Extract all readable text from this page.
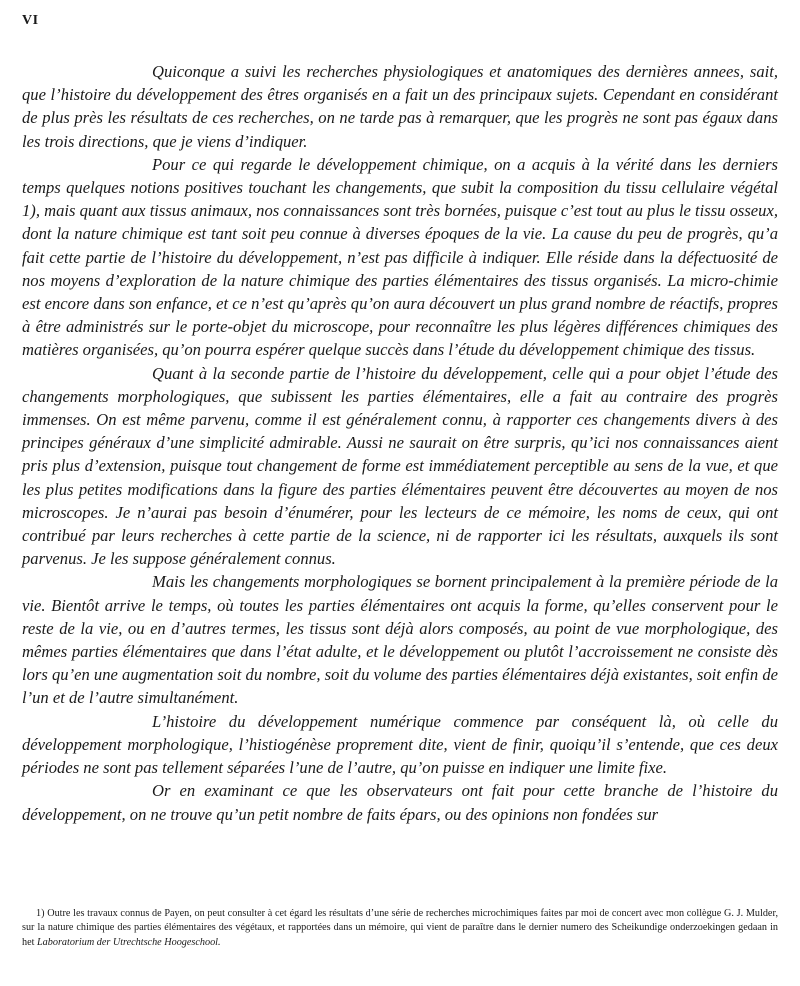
VI

Quiconque a suivi les recherches physiologiques et anatomiques des dernières annees, sait, que l’histoire du développement des êtres organisés en a fait un des principaux sujets. Cependant en considérant de plus près les résultats de ces recherches, on ne tarde pas à remarquer, que les progrès ne sont pas égaux dans les trois directions, que je viens d’indiquer.

Pour ce qui regarde le développement chimique, on a acquis à la vérité dans les derniers temps quelques notions positives touchant les changements, que subit la composition du tissu cellulaire végétal 1), mais quant aux tissus animaux, nos connaissances sont très bornées, puisque c’est tout au plus le tissu osseux, dont la nature chimique est tant soit peu connue à diverses époques de la vie. La cause du peu de progrès, qu’a fait cette partie de l’histoire du développement, n’est pas difficile à indiquer. Elle réside dans la défectuosité de nos moyens d’exploration de la nature chimique des parties élémentaires des tissus organisés. La micro-chimie est encore dans son enfance, et ce n’est qu’après qu’on aura découvert un plus grand nombre de réactifs, propres à être administrés sur le porte-objet du microscope, pour reconnaître les plus légères différences chimiques des matières organisées, qu’on pourra espérer quelque succès dans l’étude du développement chimique des tissus.

Quant à la seconde partie de l’histoire du développement, celle qui a pour objet l’étude des changements morphologiques, que subissent les parties élémentaires, elle a fait au contraire des progrès immenses. On est même parvenu, comme il est généralement connu, à rapporter ces changements divers à des principes généraux d’une simplicité admirable. Aussi ne saurait on être surpris, qu’ici nos connaissances aient pris plus d’extension, puisque tout changement de forme est immédiatement perceptible au sens de la vue, et que les plus petites modifications dans la figure des parties élémentaires peuvent être découvertes au moyen de nos microscopes. Je n’aurai pas besoin d’énumérer, pour les lecteurs de ce mémoire, les noms de ceux, qui ont contribué par leurs recherches à cette partie de la science, ni de rapporter ici les résultats, auxquels ils sont parvenus. Je les suppose généralement connus.

Mais les changements morphologiques se bornent principalement à la première période de la vie. Bientôt arrive le temps, où toutes les parties élémentaires ont acquis la forme, qu’elles conservent pour le reste de la vie, ou en d’autres termes, les tissus sont déjà alors composés, au point de vue morphologique, des mêmes parties élémentaires que dans l’état adulte, et le développement ou plutôt l’accroissement ne consiste dès lors qu’en une augmentation soit du nombre, soit du volume des parties élémentaires déjà existantes, soit enfin de l’un et de l’autre simultanément.

L’histoire du développement numérique commence par conséquent là, où celle du développement morphologique, l’histiogénèse proprement dite, vient de finir, quoiqu’il s’entende, que ces deux périodes ne sont pas tellement séparées l’une de l’autre, qu’on puisse en indiquer une limite fixe.

Or en examinant ce que les observateurs ont fait pour cette branche de l’histoire du développement, on ne trouve qu’un petit nombre de faits épars, ou des opinions non fondées sur

1) Outre les travaux connus de Payen, on peut consulter à cet égard les résultats d’une série de recherches microchimiques faites par moi de concert avec mon collègue G. J. Mulder, sur la nature chimique des parties élémentaires des végétaux, et rapportées dans un mémoire, qui vient de paraître dans le dernier numero des Scheikundige onderzoekingen gedaan in het Laboratorium der Utrechtsche Hoogeschool.
